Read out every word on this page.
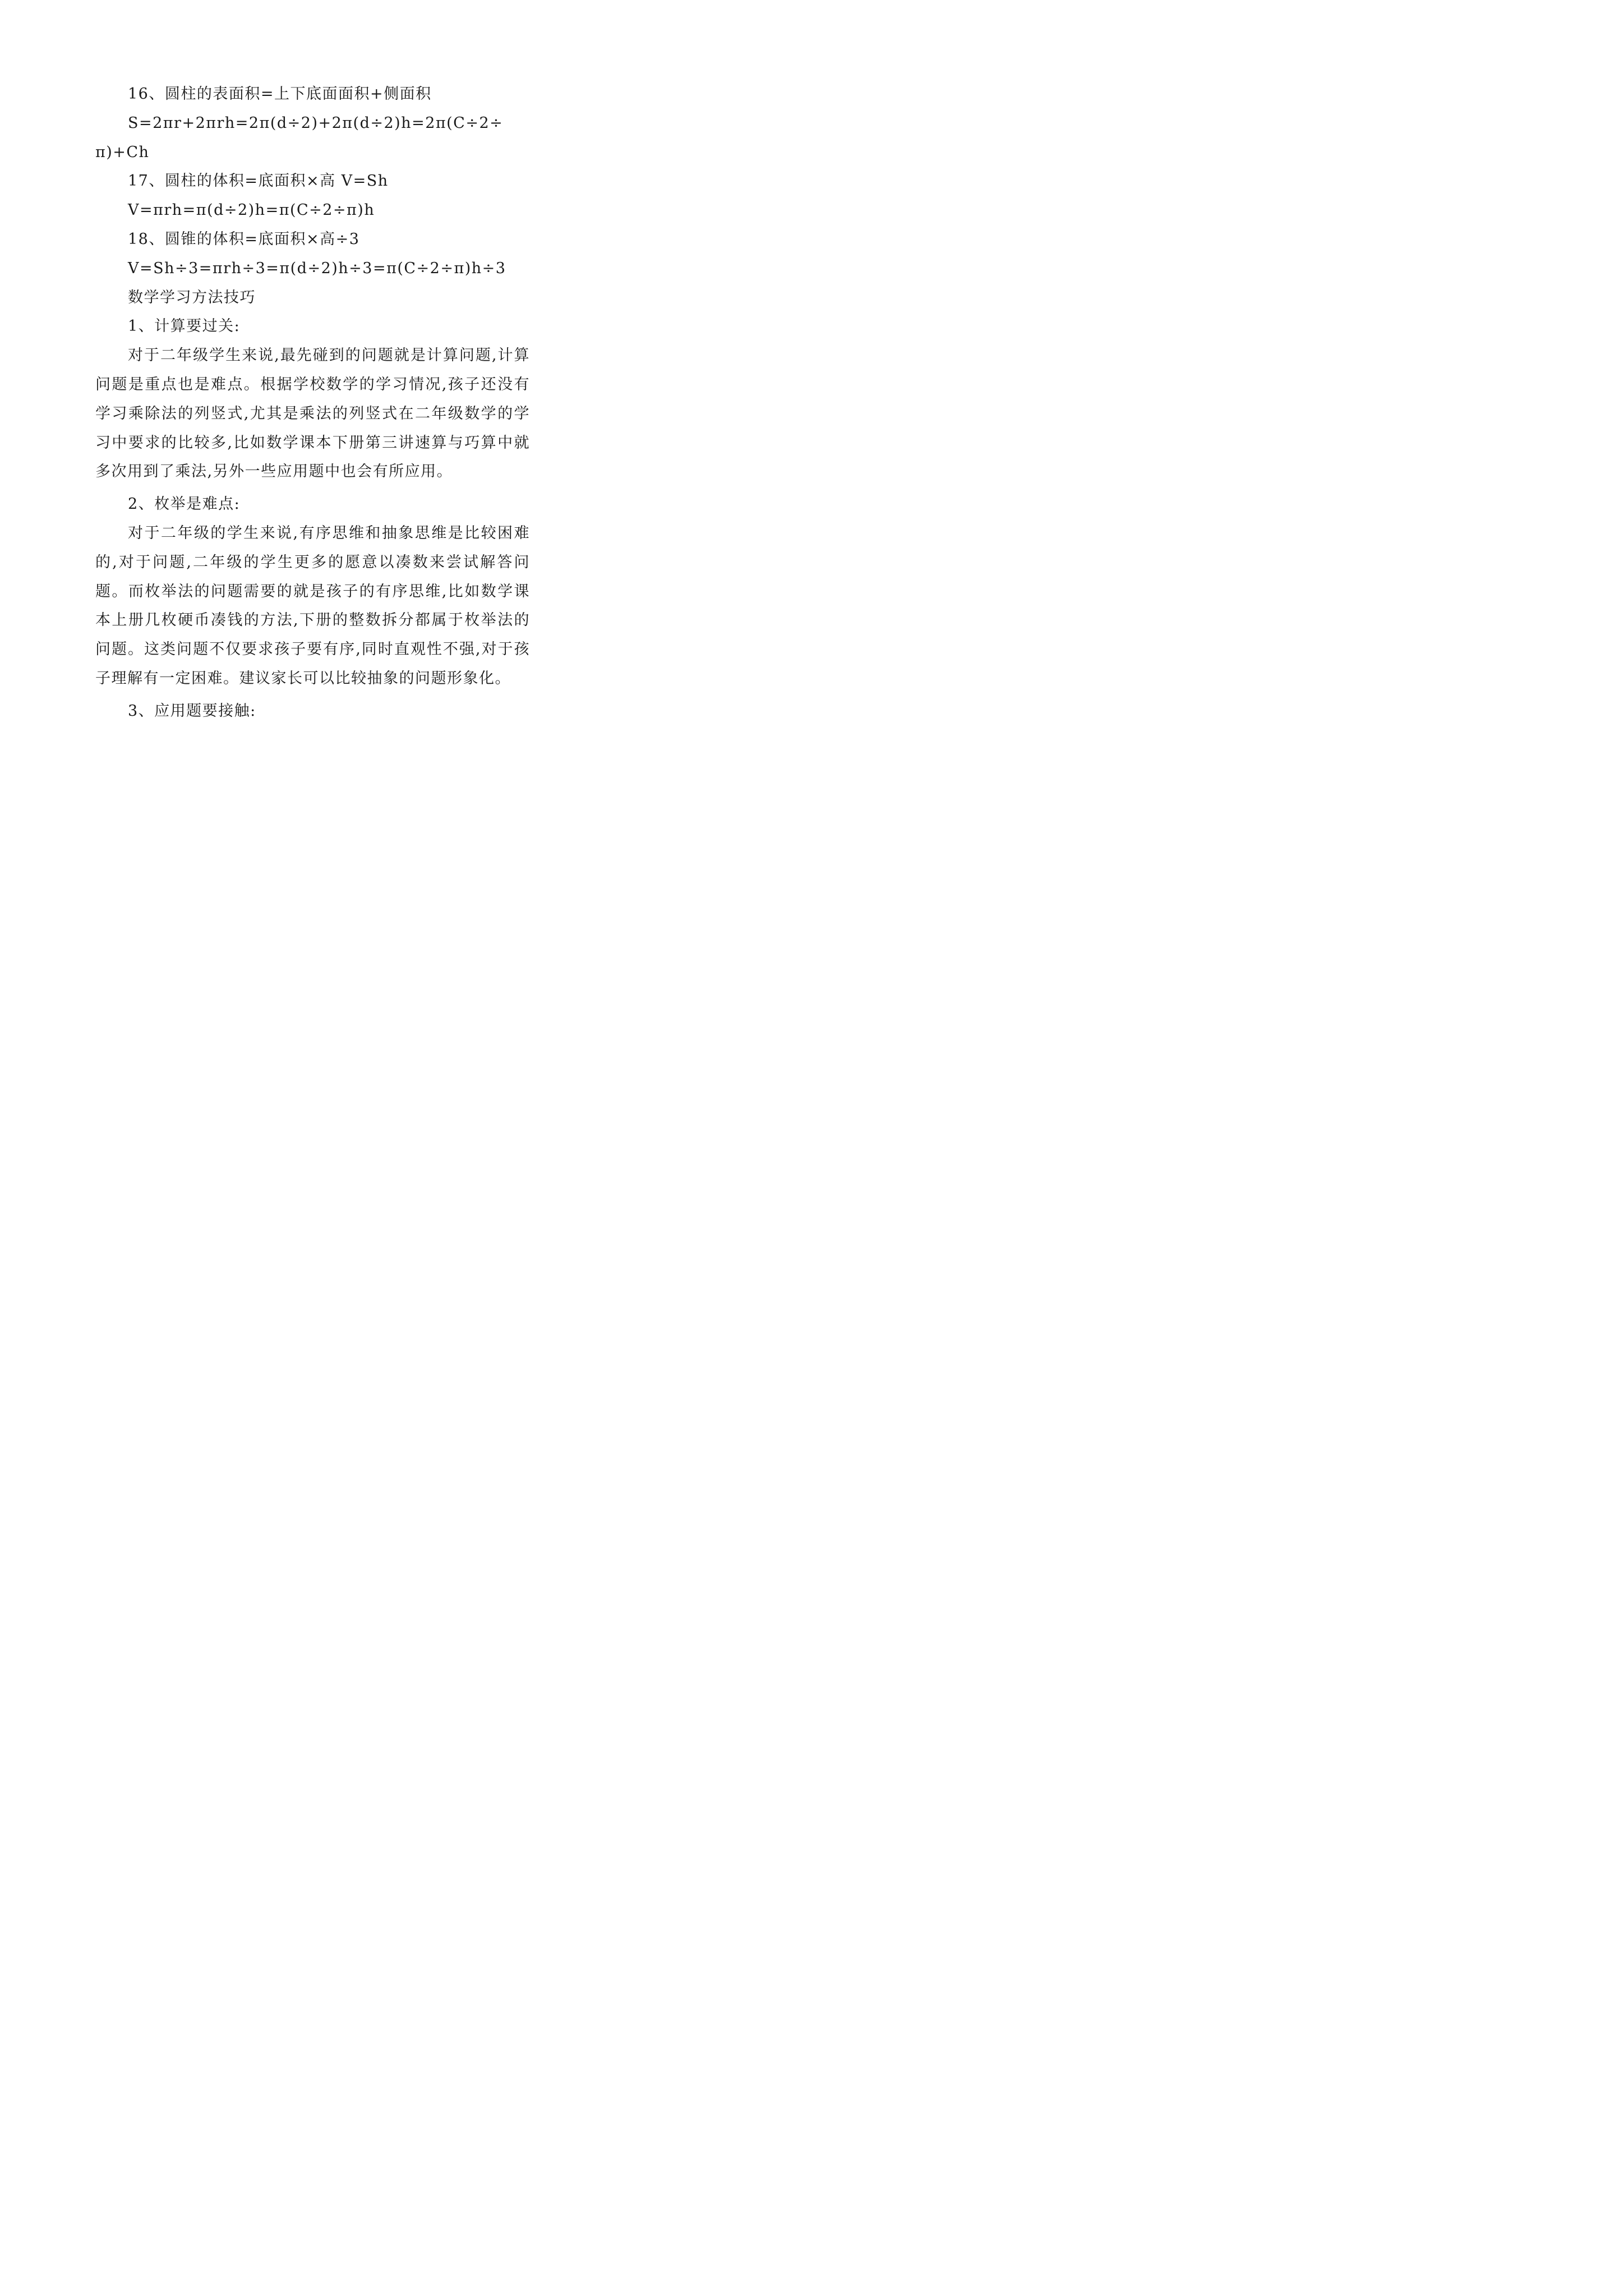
16、圆柱的表面积=上下底面面积+侧面积
S=2πr+2πrh=2π(d÷2)+2π(d÷2)h=2π(C÷2÷
π)+Ch
17、圆柱的体积=底面积×高 V=Sh
V=πrh=π(d÷2)h=π(C÷2÷π)h
18、圆锥的体积=底面积×高÷3
V=Sh÷3=πrh÷3=π(d÷2)h÷3=π(C÷2÷π)h÷3
数学学习方法技巧
1、计算要过关:

对于二年级学生来说,最先碰到的问题就是计算问题,计算问题是重点也是难点。根据学校数学的学习情况,孩子还没有学习乘除法的列竖式,尤其是乘法的列竖式在二年级数学的学习中要求的比较多,比如数学课本下册第三讲速算与巧算中就多次用到了乘法,另外一些应用题中也会有所应用。

2、枚举是难点:

对于二年级的学生来说,有序思维和抽象思维是比较困难的,对于问题,二年级的学生更多的愿意以凑数来尝试解答问题。而枚举法的问题需要的就是孩子的有序思维,比如数学课本上册几枚硬币凑钱的方法,下册的整数拆分都属于枚举法的问题。这类问题不仅要求孩子要有序,同时直观性不强,对于孩子理解有一定困难。建议家长可以比较抽象的问题形象化。

3、应用题要接触:
